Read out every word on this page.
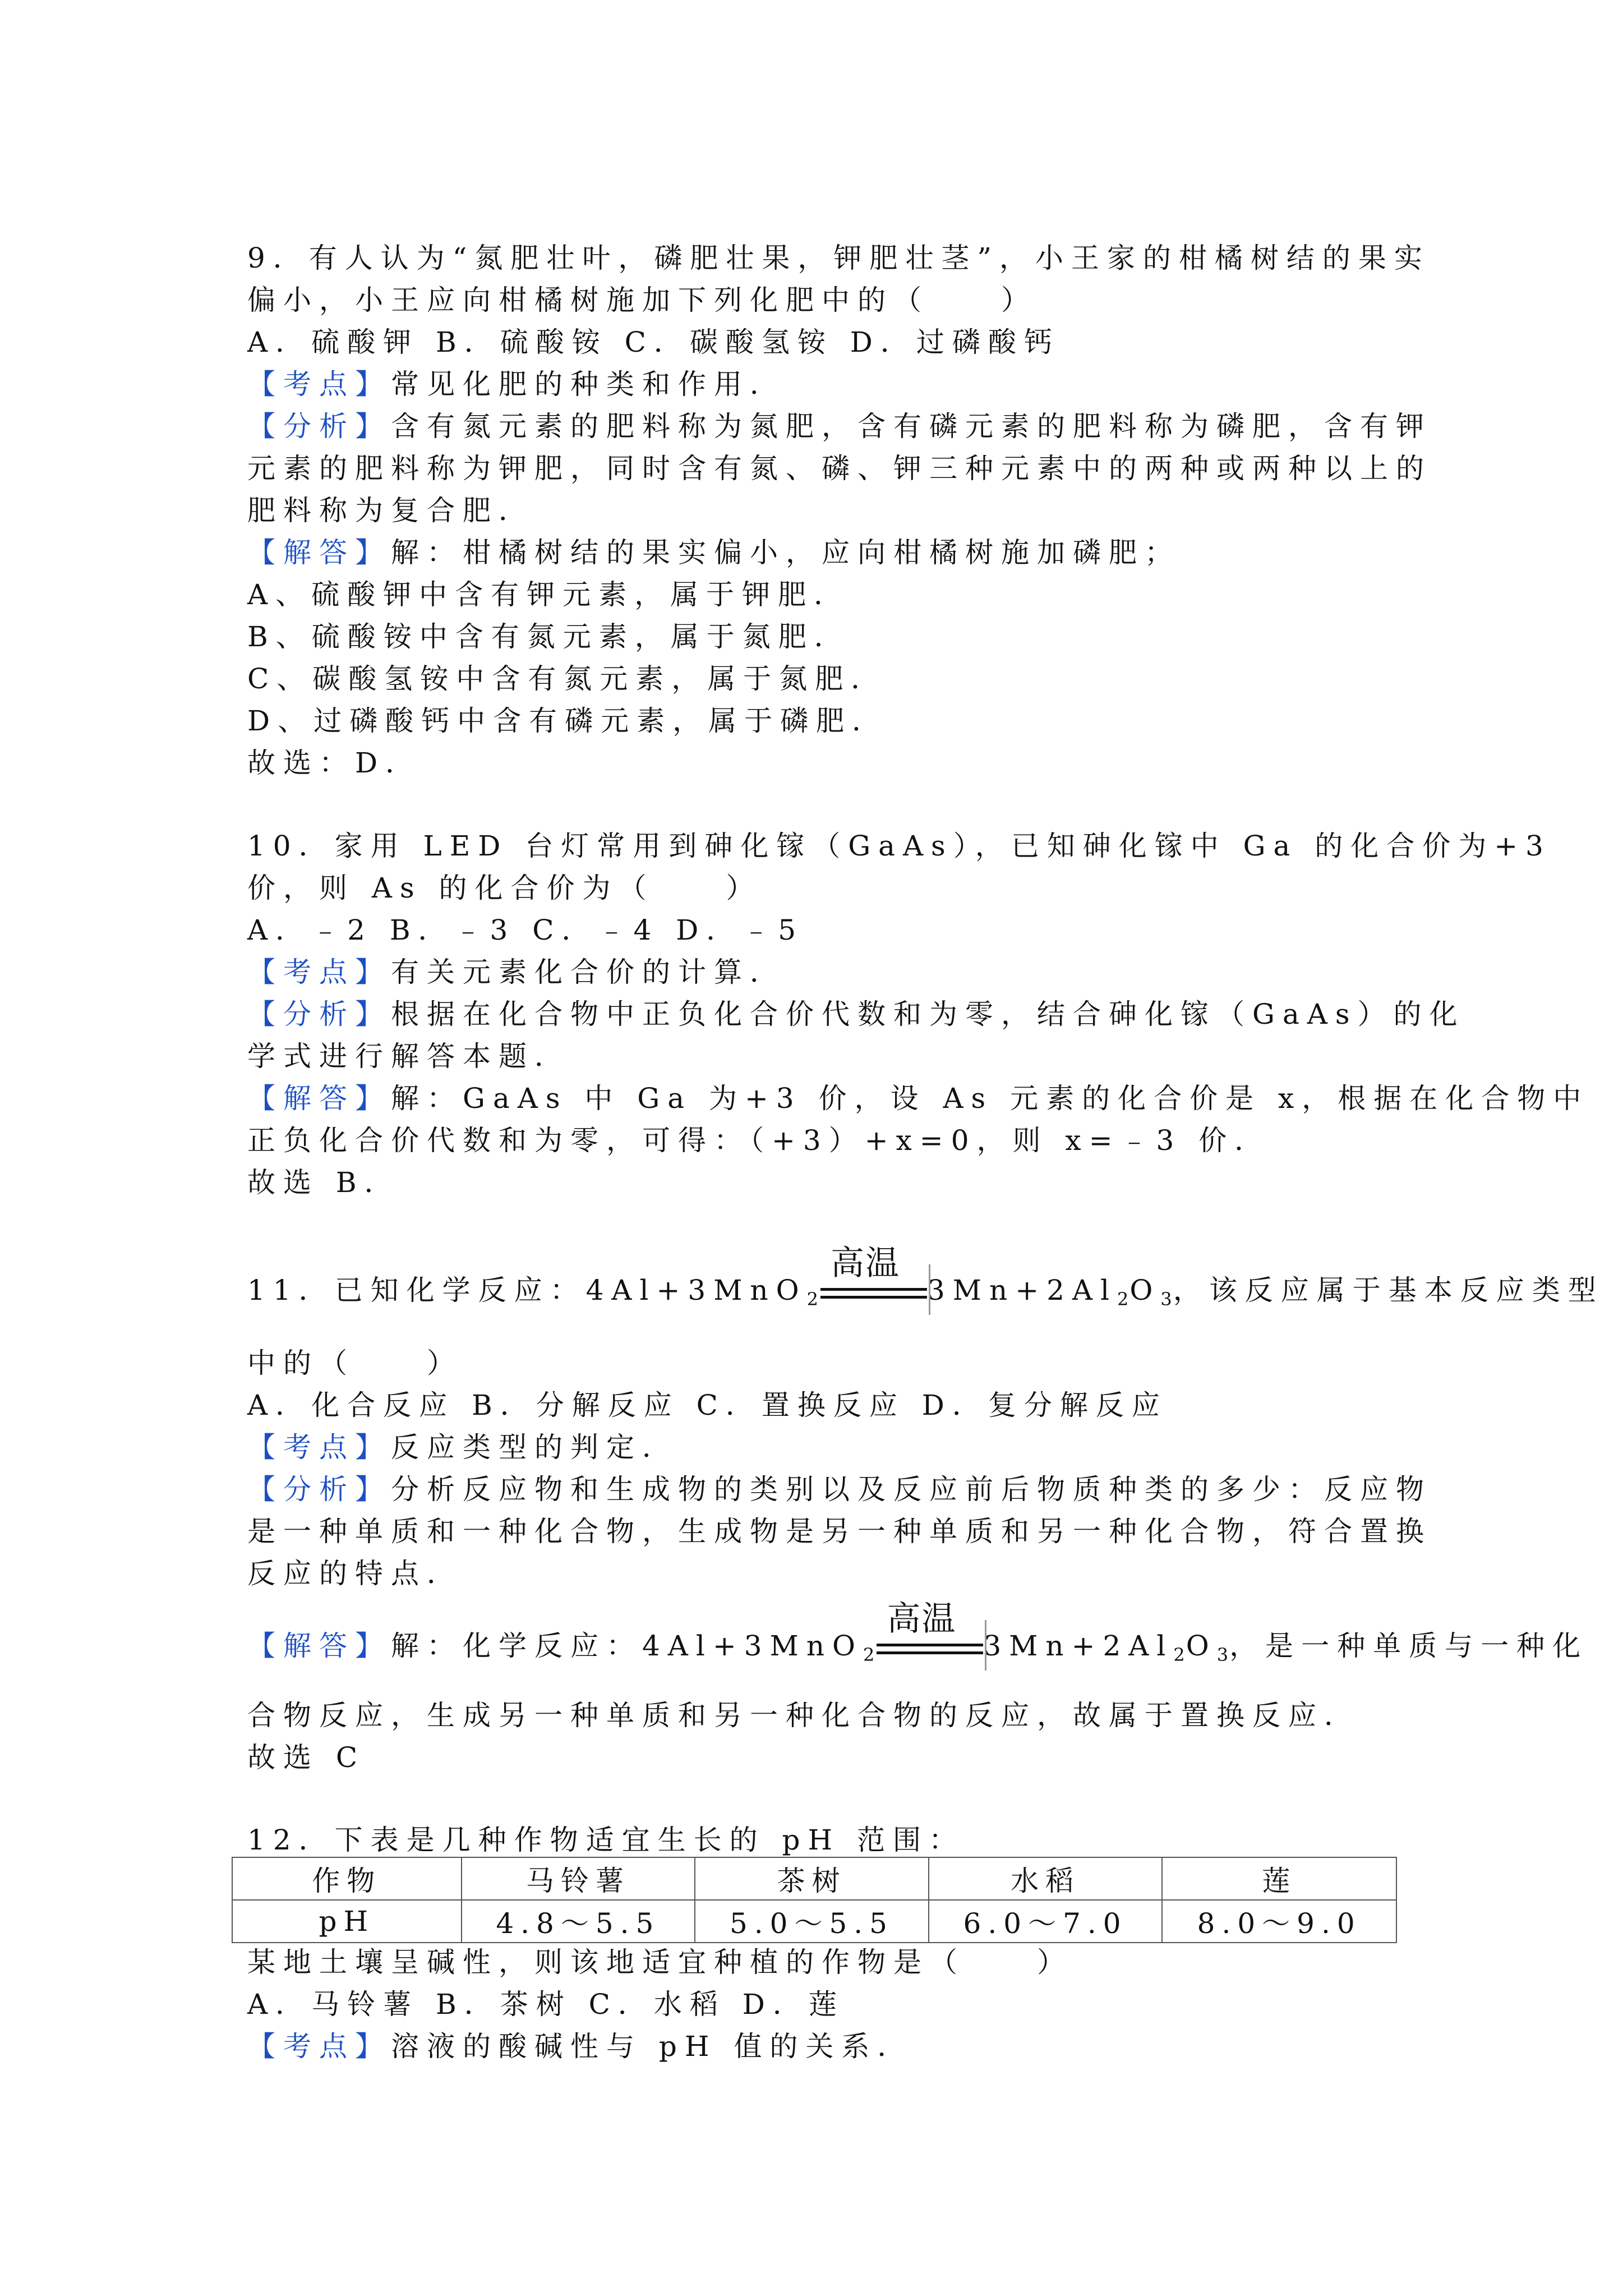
9．有人认为“氮肥壮叶，磷肥壮果，钾肥壮茎”，小王家的柑橘树结的果实
偏小，小王应向柑橘树施加下列化肥中的（　　）
A．硫酸钾 B．硫酸铵 C．碳酸氢铵 D．过磷酸钙
【考点】常见化肥的种类和作用．
【分析】含有氮元素的肥料称为氮肥，含有磷元素的肥料称为磷肥，含有钾
元素的肥料称为钾肥，同时含有氮、磷、钾三种元素中的两种或两种以上的
肥料称为复合肥．
【解答】解：柑橘树结的果实偏小，应向柑橘树施加磷肥；
A、硫酸钾中含有钾元素，属于钾肥．
B、硫酸铵中含有氮元素，属于氮肥．
C、碳酸氢铵中含有氮元素，属于氮肥．
D、过磷酸钙中含有磷元素，属于磷肥．
故选：D．
10．家用 LED 台灯常用到砷化镓（GaAs），已知砷化镓中 Ga 的化合价为+3
价，则 As 的化合价为（　　）
A．﹣2 B．﹣3 C．﹣4 D．﹣5
【考点】有关元素化合价的计算．
【分析】根据在化合物中正负化合价代数和为零，结合砷化镓（GaAs）的化
学式进行解答本题．
【解答】解：GaAs 中 Ga 为+3 价，设 As 元素的化合价是 x，根据在化合物中
正负化合价代数和为零，可得：（+3）+x=0，则 x=﹣3 价．
故选 B．
11．已知化学反应：4Al+3MnO$_2$
高温
$3Mn+2Al_2O_3$，该反应属于基本反应类型
中的（　　）
A．化合反应 B．分解反应 C．置换反应 D．复分解反应
【考点】反应类型的判定．
【分析】分析反应物和生成物的类别以及反应前后物质种类的多少：反应物
是一种单质和一种化合物，生成物是另一种单质和另一种化合物，符合置换
反应的特点．
【解答】解：化学反应：4Al+3MnO$_2$
高温
$3Mn+2Al_2O_3$，是一种单质与一种化
合物反应，生成另一种单质和另一种化合物的反应，故属于置换反应．
故选 C
12．下表是几种作物适宜生长的 pH 范围：
作物	马铃薯	茶树	水稻	莲
pH	4.8～5.5	5.0～5.5	6.0～7.0	8.0～9.0
某地土壤呈碱性，则该地适宜种植的作物是（　　）
A．马铃薯 B．茶树 C．水稻 D．莲
【考点】溶液的酸碱性与 pH 值的关系．
